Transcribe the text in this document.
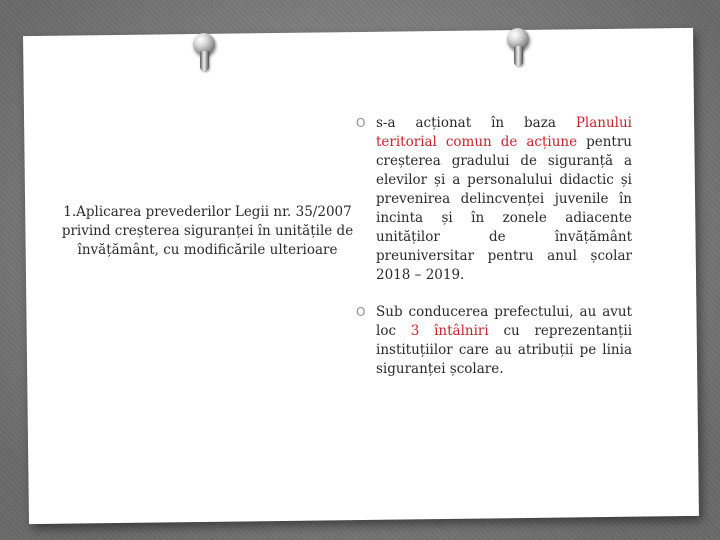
1.Aplicarea prevederilor Legii nr. 35/2007 privind creșterea siguranței în unitățile de învățământ, cu modificările ulterioare
O s-a acționat în baza Planului teritorial comun de acțiune pentru creșterea gradului de siguranță a elevilor și a personalului didactic și prevenirea delincvenței juvenile în incinta și în zonele adiacente unităților de învățământ preuniversitar pentru anul școlar 2018 – 2019.
O Sub conducerea prefectului, au avut loc 3 întâlniri cu reprezentanții instituțiilor care au atribuții pe linia siguranței școlare.
